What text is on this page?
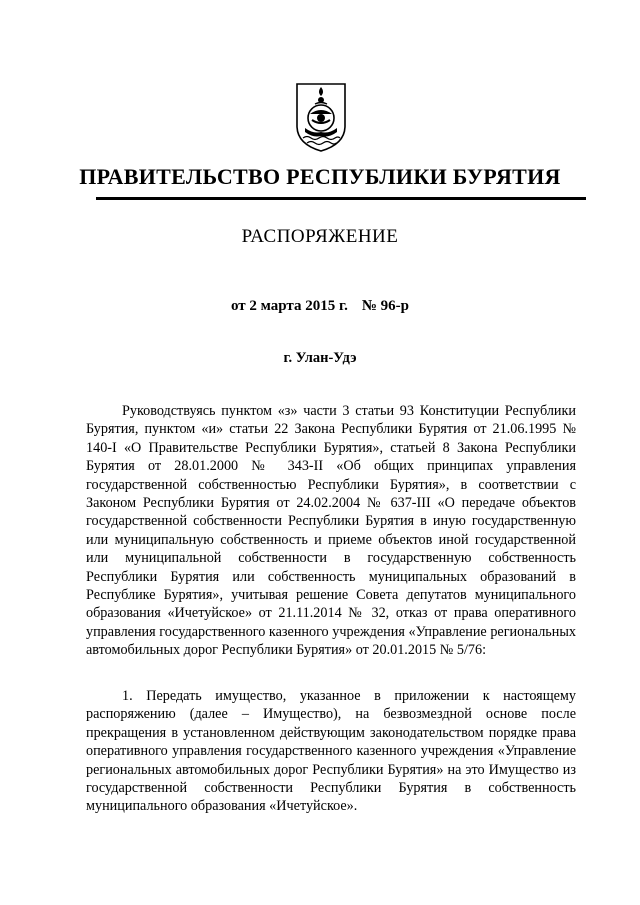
ПРАВИТЕЛЬСТВО РЕСПУБЛИКИ БУРЯТИЯ
РАСПОРЯЖЕНИЕ
от 2 марта 2015 г. № 96-р
г. Улан-Удэ
Руководствуясь пунктом «з» части 3 статьи 93 Конституции Республики Бурятия, пунктом «и» статьи 22 Закона Республики Бурятия от 21.06.1995 № 140-I «О Правительстве Республики Бурятия», статьей 8 Закона Республики Бурятия от 28.01.2000 № 343-II «Об общих принципах управления государственной собственностью Республики Бурятия», в соответствии с Законом Республики Бурятия от 24.02.2004 № 637-III «О передаче объектов государственной собственности Республики Бурятия в иную государственную или муниципальную собственность и приеме объектов иной государственной или муниципальной собственности в государственную собственность Республики Бурятия или собственность муниципальных образований в Республике Бурятия», учитывая решение Совета депутатов муниципального образования «Ичетуйское» от 21.11.2014 № 32, отказ от права оперативного управления государственного казенного учреждения «Управление региональных автомобильных дорог Республики Бурятия» от 20.01.2015 № 5/76:
1. Передать имущество, указанное в приложении к настоящему распоряжению (далее – Имущество), на безвозмездной основе после прекращения в установленном действующим законодательством порядке права оперативного управления государственного казенного учреждения «Управление региональных автомобильных дорог Республики Бурятия» на это Имущество из государственной собственности Республики Бурятия в собственность муниципального образования «Ичетуйское».
